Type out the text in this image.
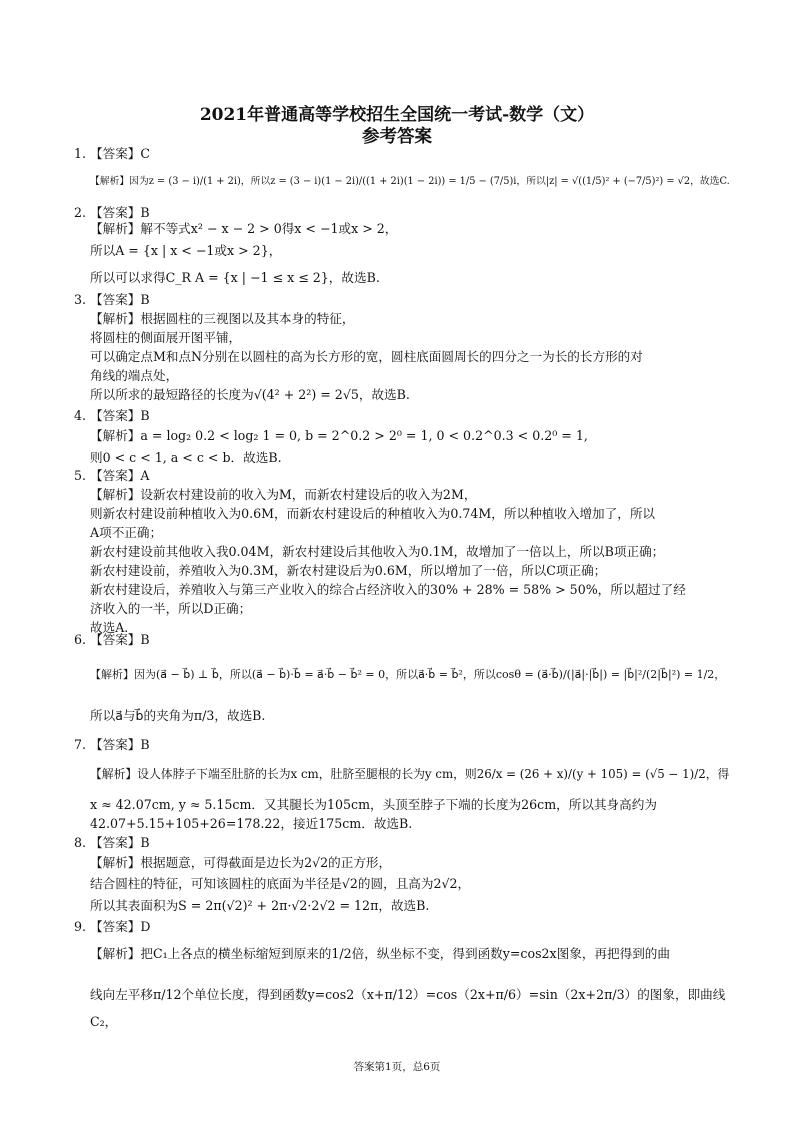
2021年普通高等学校招生全国统一考试-数学（文）
参考答案
1. 【答案】C
【解析】因为z = (3 − i)/(1 + 2i)，所以z = (3 − i)(1 − 2i)/((1 + 2i)(1 − 2i)) = 1/5 − (7/5)i，所以|z| = √((1/5)² + (−7/5)²) = √2，故选C.
2. 【答案】B
【解析】解不等式x² − x − 2 > 0得x < −1或x > 2，
所以A = {x | x < −1或x > 2}，
所以可以求得C_R A = {x | −1 ≤ x ≤ 2}，故选B.
3. 【答案】B
【解析】根据圆柱的三视图以及其本身的特征，
将圆柱的侧面展开图平铺，
可以确定点M和点N分别在以圆柱的高为长方形的宽，圆柱底面圆周长的四分之一为长的长方形的对
角线的端点处，
所以所求的最短路径的长度为√(4² + 2²) = 2√5，故选B.
4. 【答案】B
【解析】a = log₂ 0.2 < log₂ 1 = 0, b = 2^0.2 > 2⁰ = 1, 0 < 0.2^0.3 < 0.2⁰ = 1,
则0 < c < 1, a < c < b．故选B.
5. 【答案】A
【解析】设新农村建设前的收入为M，而新农村建设后的收入为2M，
则新农村建设前种植收入为0.6M，而新农村建设后的种植收入为0.74M，所以种植收入增加了，所以
A项不正确；
新农村建设前其他收入我0.04M，新农村建设后其他收入为0.1M，故增加了一倍以上，所以B项正确；
新农村建设前，养殖收入为0.3M，新农村建设后为0.6M，所以增加了一倍，所以C项正确；
新农村建设后，养殖收入与第三产业收入的综合占经济收入的30% + 28% = 58% > 50%，所以超过了经
济收入的一半，所以D正确；
故选A.
6. 【答案】B
【解析】因为(a⃗ − b⃗) ⊥ b⃗，所以(a⃗ − b⃗)·b⃗ = a⃗·b⃗ − b⃗² = 0，所以a⃗·b⃗ = b⃗²，所以cosθ = (a⃗·b⃗)/(|a⃗|·|b⃗|) = |b⃗|²/(2|b⃗|²) = 1/2，
所以a⃗与b⃗的夹角为π/3，故选B.
7. 【答案】B
【解析】设人体脖子下端至肚脐的长为x cm，肚脐至腿根的长为y cm，则26/x = (26 + x)/(y + 105) = (√5 − 1)/2，得
x ≈ 42.07cm, y ≈ 5.15cm．又其腿长为105cm，头顶至脖子下端的长度为26cm，所以其身高约为
42.07+5.15+105+26=178.22，接近175cm．故选B.
8. 【答案】B
【解析】根据题意，可得截面是边长为2√2的正方形，
结合圆柱的特征，可知该圆柱的底面为半径是√2的圆，且高为2√2，
所以其表面积为S = 2π(√2)² + 2π·√2·2√2 = 12π，故选B.
9. 【答案】D
【解析】把C₁上各点的横坐标缩短到原来的1/2倍，纵坐标不变，得到函数y=cos2x图象，再把得到的曲
线向左平移π/12个单位长度，得到函数y=cos2（x+π/12）=cos（2x+π/6）=sin（2x+2π/3）的图象，即曲线
C₂，
答案第1页，总6页
